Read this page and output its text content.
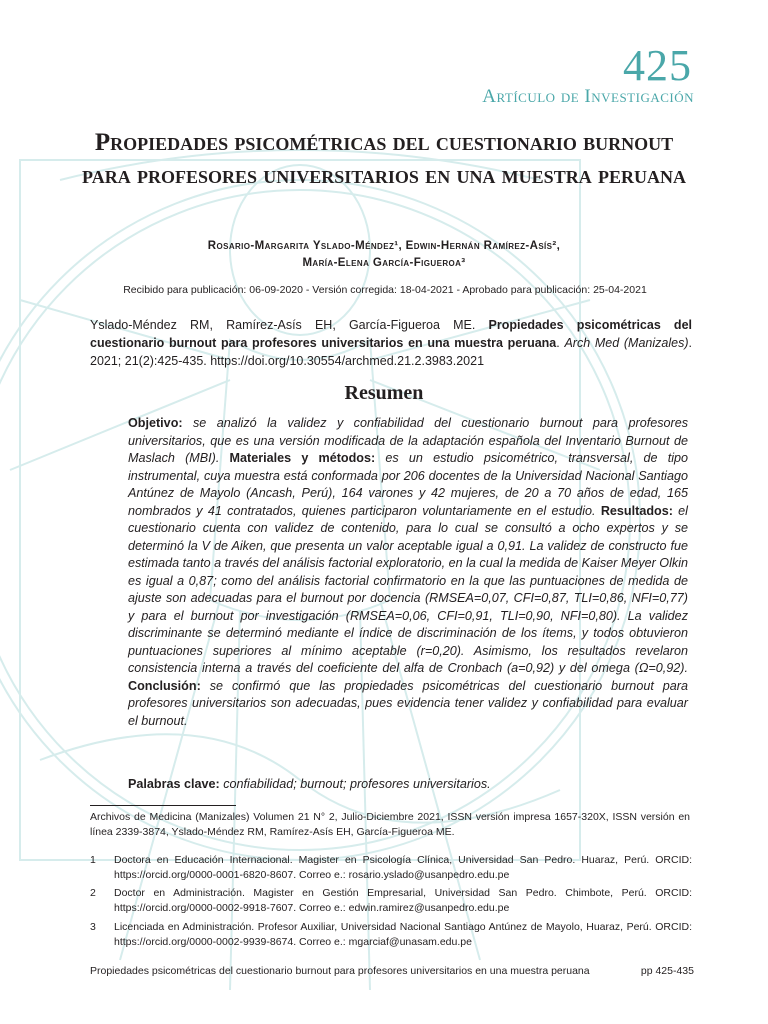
425
Artículo de Investigación
Propiedades psicométricas del cuestionario burnout para profesores universitarios en una muestra peruana
Rosario-Margarita Yslado-Méndez¹, Edwin-Hernán Ramírez-Asís²,
María-Elena García-Figueroa³
Recibido para publicación: 06-09-2020 - Versión corregida: 18-04-2021 - Aprobado para publicación: 25-04-2021
Yslado-Méndez RM, Ramírez-Asís EH, García-Figueroa ME. Propiedades psicométricas del cuestionario burnout para profesores universitarios en una muestra peruana. Arch Med (Manizales). 2021; 21(2):425-435. https://doi.org/10.30554/archmed.21.2.3983.2021
Resumen
Objetivo: se analizó la validez y confiabilidad del cuestionario burnout para profesores universitarios, que es una versión modificada de la adaptación española del Inventario Burnout de Maslach (MBI). Materiales y métodos: es un estudio psicométrico, transversal, de tipo instrumental, cuya muestra está conformada por 206 docentes de la Universidad Nacional Santiago Antúnez de Mayolo (Ancash, Perú), 164 varones y 42 mujeres, de 20 a 70 años de edad, 165 nombrados y 41 contratados, quienes participaron voluntariamente en el estudio. Resultados: el cuestionario cuenta con validez de contenido, para lo cual se consultó a ocho expertos y se determinó la V de Aiken, que presenta un valor aceptable igual a 0,91. La validez de constructo fue estimada tanto a través del análisis factorial exploratorio, en la cual la medida de Kaiser Meyer Olkin es igual a 0,87; como del análisis factorial confirmatorio en la que las puntuaciones de medida de ajuste son adecuadas para el burnout por docencia (RMSEA=0,07, CFI=0,87, TLI=0,86, NFI=0,77) y para el burnout por investigación (RMSEA=0,06, CFI=0,91, TLI=0,90, NFI=0,80). La validez discriminante se determinó mediante el índice de discriminación de los ítems, y todos obtuvieron puntuaciones superiores al mínimo aceptable (r=0,20). Asimismo, los resultados revelaron consistencia interna a través del coeficiente del alfa de Cronbach (a=0,92) y del omega (Ω=0,92). Conclusión: se confirmó que las propiedades psicométricas del cuestionario burnout para profesores universitarios son adecuadas, pues evidencia tener validez y confiabilidad para evaluar el burnout.
Palabras clave: confiabilidad; burnout; profesores universitarios.
Archivos de Medicina (Manizales) Volumen 21 N° 2, Julio-Diciembre 2021, ISSN versión impresa 1657-320X, ISSN versión en línea 2339-3874, Yslado-Méndez RM, Ramírez-Asís EH, García-Figueroa ME.
1	Doctora en Educación Internacional. Magister en Psicología Clínica, Universidad San Pedro. Huaraz, Perú. ORCID: https://orcid.org/0000-0001-6820-8607. Correo e.: rosario.yslado@usanpedro.edu.pe
2	Doctor en Administración. Magister en Gestión Empresarial, Universidad San Pedro. Chimbote, Perú. ORCID: https://orcid.org/0000-0002-9918-7607. Correo e.: edwin.ramirez@usanpedro.edu.pe
3	Licenciada en Administración. Profesor Auxiliar, Universidad Nacional Santiago Antúnez de Mayolo, Huaraz, Perú. ORCID: https://orcid.org/0000-0002-9939-8674. Correo e.: mgarciaf@unasam.edu.pe
Propiedades psicométricas del cuestionario burnout para profesores universitarios en una muestra peruana	pp 425-435
